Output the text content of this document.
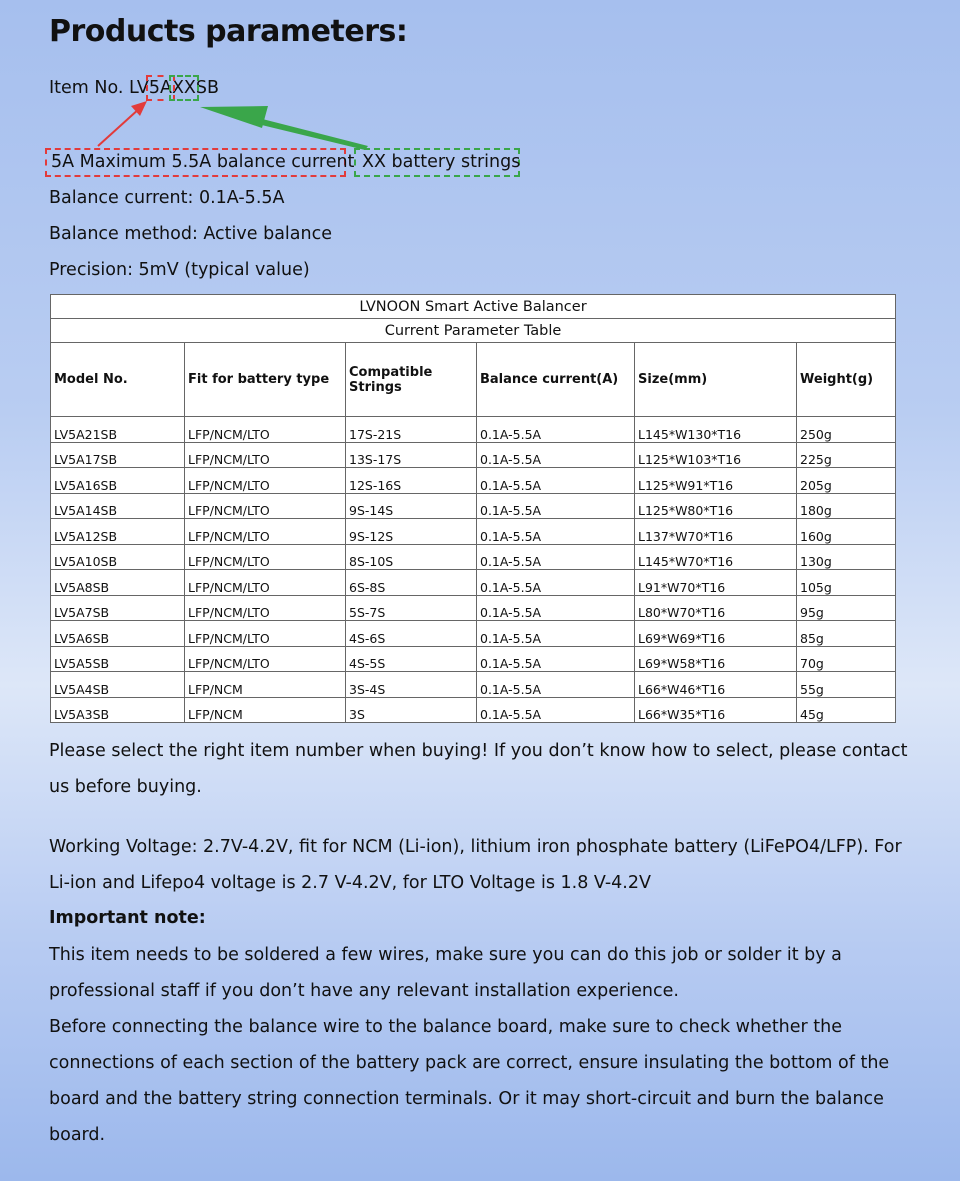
Products parameters:
Item No. LV5AXXSB
5A Maximum 5.5A balance current XX battery strings
Balance current: 0.1A-5.5A
Balance method: Active balance
Precision: 5mV (typical value)
LVNOON Smart Active Balancer					
Current Parameter Table					
Model No.	Fit for battery type	Compatible Strings	Balance current(A)	Size(mm)	Weight(g)
LV5A21SB	LFP/NCM/LTO	17S-21S	0.1A-5.5A	L145*W130*T16	250g
LV5A17SB	LFP/NCM/LTO	13S-17S	0.1A-5.5A	L125*W103*T16	225g
LV5A16SB	LFP/NCM/LTO	12S-16S	0.1A-5.5A	L125*W91*T16	205g
LV5A14SB	LFP/NCM/LTO	9S-14S	0.1A-5.5A	L125*W80*T16	180g
LV5A12SB	LFP/NCM/LTO	9S-12S	0.1A-5.5A	L137*W70*T16	160g
LV5A10SB	LFP/NCM/LTO	8S-10S	0.1A-5.5A	L145*W70*T16	130g
LV5A8SB	LFP/NCM/LTO	6S-8S	0.1A-5.5A	L91*W70*T16	105g
LV5A7SB	LFP/NCM/LTO	5S-7S	0.1A-5.5A	L80*W70*T16	95g
LV5A6SB	LFP/NCM/LTO	4S-6S	0.1A-5.5A	L69*W69*T16	85g
LV5A5SB	LFP/NCM/LTO	4S-5S	0.1A-5.5A	L69*W58*T16	70g
LV5A4SB	LFP/NCM	3S-4S	0.1A-5.5A	L66*W46*T16	55g
LV5A3SB	LFP/NCM	3S	0.1A-5.5A	L66*W35*T16	45g
Please select the right item number when buying! If you don’t know how to select, please contact us before buying.
Working Voltage: 2.7V-4.2V, fit for NCM (Li-ion), lithium iron phosphate battery (LiFePO4/LFP). For Li-ion and Lifepo4 voltage is 2.7 V-4.2V, for LTO Voltage is 1.8 V-4.2V
Important note:
This item needs to be soldered a few wires, make sure you can do this job or solder it by a professional staff if you don’t have any relevant installation experience.
Before connecting the balance wire to the balance board, make sure to check whether the connections of each section of the battery pack are correct, ensure insulating the bottom of the board and the battery string connection terminals. Or it may short-circuit and burn the balance board.
